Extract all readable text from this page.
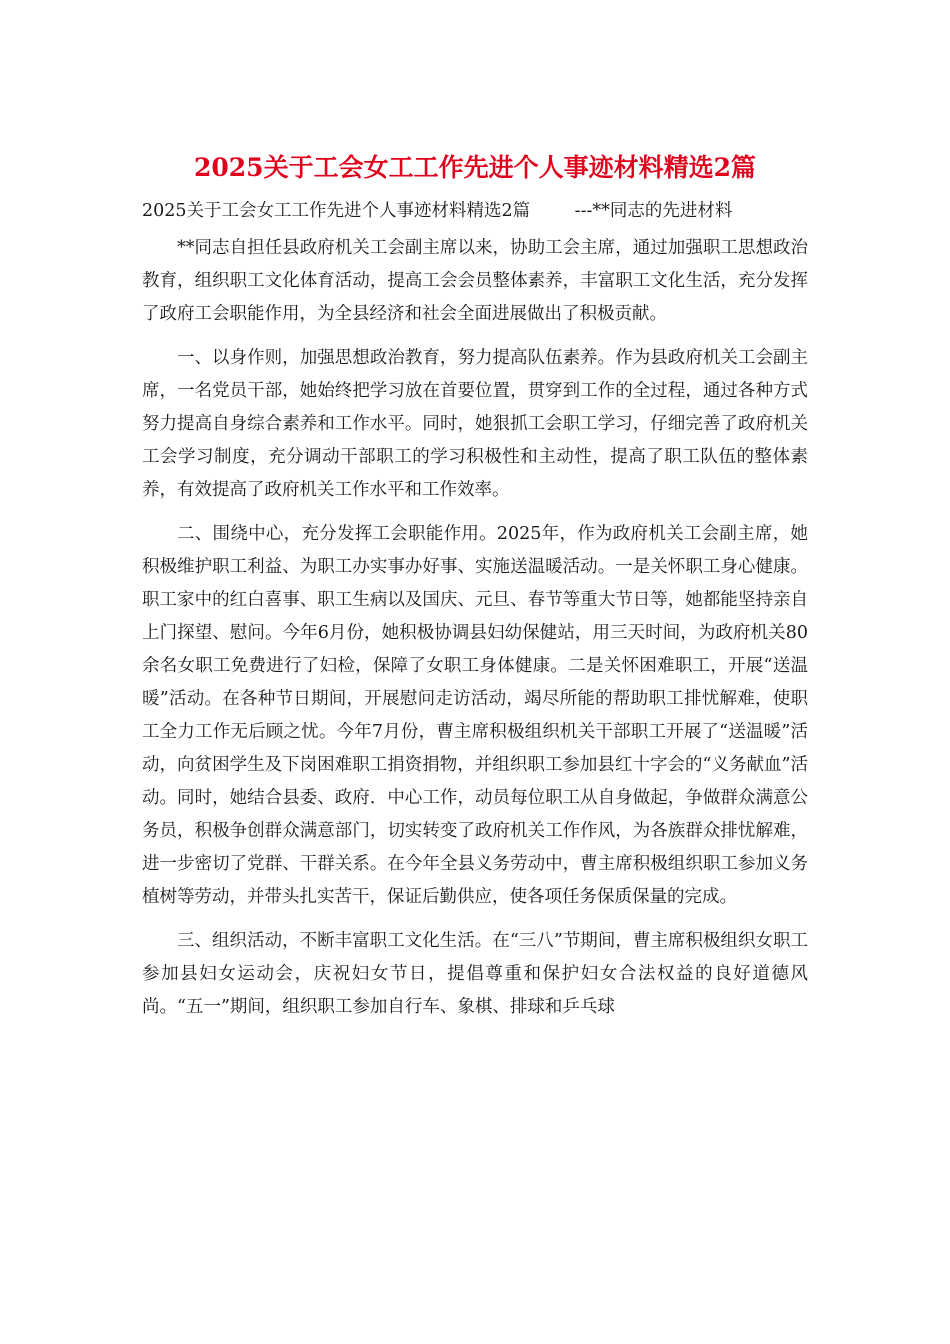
2025关于工会女工工作先进个人事迹材料精选2篇
2025关于工会女工工作先进个人事迹材料精选2篇        ---**同志的先进材料

**同志自担任县政府机关工会副主席以来，协助工会主席，通过加强职工思想政治教育，组织职工文化体育活动，提高工会会员整体素养，丰富职工文化生活，充分发挥了政府工会职能作用，为全县经济和社会全面进展做出了积极贡献。

一、以身作则，加强思想政治教育，努力提高队伍素养。作为县政府机关工会副主席，一名党员干部，她始终把学习放在首要位置，贯穿到工作的全过程，通过各种方式努力提高自身综合素养和工作水平。同时，她狠抓工会职工学习，仔细完善了政府机关工会学习制度，充分调动干部职工的学习积极性和主动性，提高了职工队伍的整体素养，有效提高了政府机关工作水平和工作效率。

二、围绕中心，充分发挥工会职能作用。2025年，作为政府机关工会副主席，她积极维护职工利益、为职工办实事办好事、实施送温暖活动。一是关怀职工身心健康。职工家中的红白喜事、职工生病以及国庆、元旦、春节等重大节日等，她都能坚持亲自上门探望、慰问。今年6月份，她积极协调县妇幼保健站，用三天时间，为政府机关80余名女职工免费进行了妇检，保障了女职工身体健康。二是关怀困难职工，开展“送温暖”活动。在各种节日期间，开展慰问走访活动，竭尽所能的帮助职工排忧解难，使职工全力工作无后顾之忧。今年7月份，曹主席积极组织机关干部职工开展了“送温暖”活动，向贫困学生及下岗困难职工捐资捐物，并组织职工参加县红十字会的“义务献血”活动。同时，她结合县委、政府．中心工作，动员每位职工从自身做起，争做群众满意公务员，积极争创群众满意部门，切实转变了政府机关工作作风，为各族群众排忧解难，进一步密切了党群、干群关系。在今年全县义务劳动中，曹主席积极组织职工参加义务植树等劳动，并带头扎实苦干，保证后勤供应，使各项任务保质保量的完成。

三、组织活动，不断丰富职工文化生活。在“三八”节期间，曹主席积极组织女职工参加县妇女运动会，庆祝妇女节日，提倡尊重和保护妇女合法权益的良好道德风尚。“五一”期间，组织职工参加自行车、象棋、排球和乒乓球
